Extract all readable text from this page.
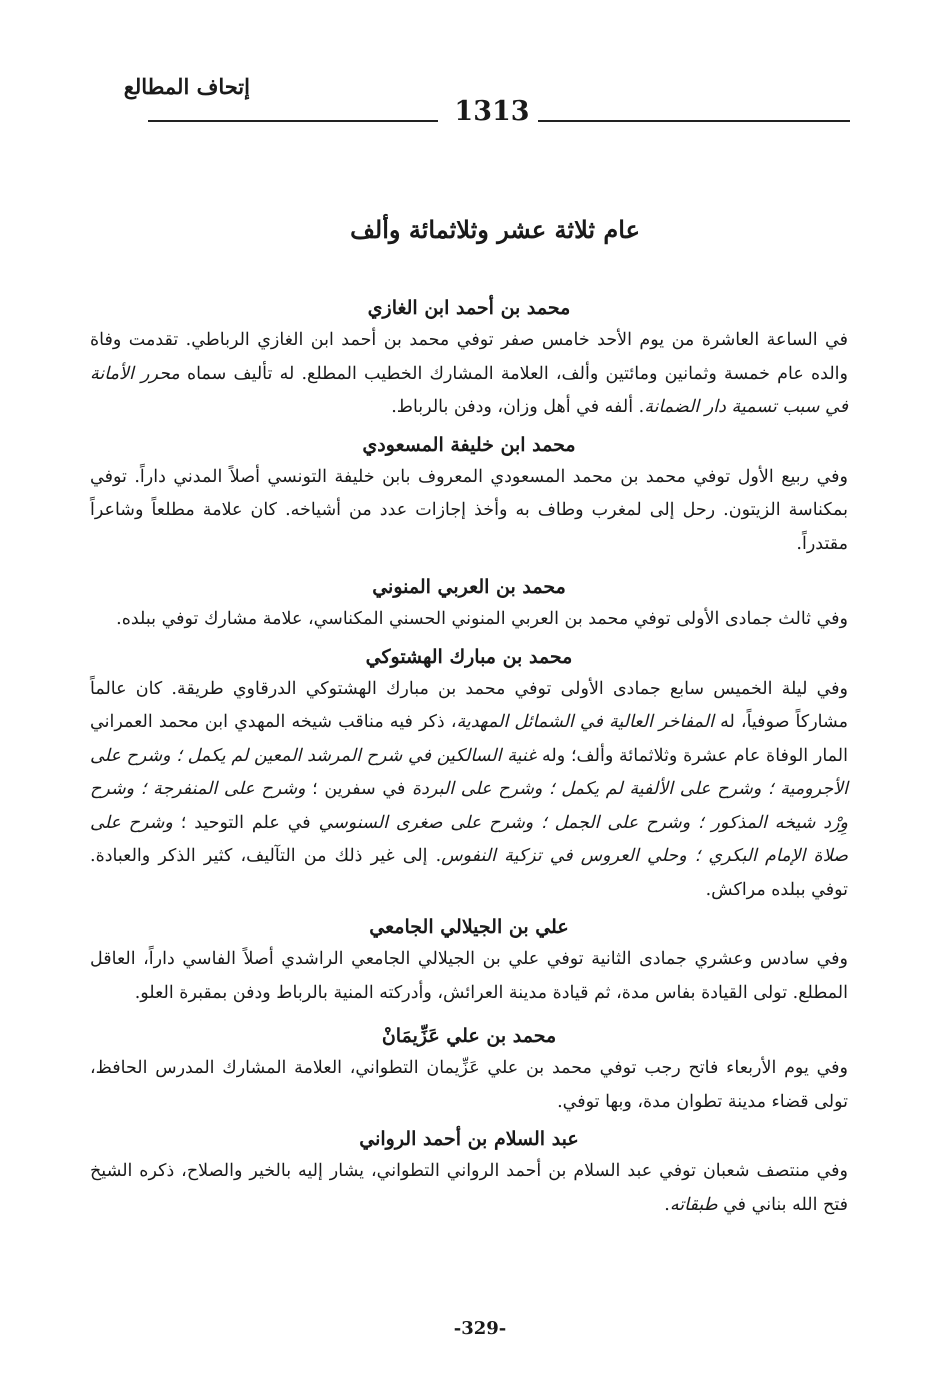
إتحاف المطالع
1313
عام ثلاثة عشر وثلاثمائة وألف
محمد بن أحمد ابن الغازي

في الساعة العاشرة من يوم الأحد خامس صفر توفي محمد بن أحمد ابن الغازي الرباطي. تقدمت وفاة والده عام خمسة وثمانين ومائتين وألف، العلامة المشارك الخطيب المطلع. له تأليف سماه محرر الأمانة في سبب تسمية دار الضمانة. ألفه في أهل وزان، ودفن بالرباط.

محمد ابن خليفة المسعودي

وفي ربيع الأول توفي محمد بن محمد المسعودي المعروف بابن خليفة التونسي أصلاً المدني داراً. توفي بمكناسة الزيتون. رحل إلى لمغرب وطاف به وأخذ إجازات عدد من أشياخه. كان علامة مطلعاً وشاعراً مقتدراً.

محمد بن العربي المنوني

وفي ثالث جمادى الأولى توفي محمد بن العربي المنوني الحسني المكناسي، علامة مشارك توفي ببلده.

محمد بن مبارك الهشتوكي

وفي ليلة الخميس سابع جمادى الأولى توفي محمد بن مبارك الهشتوكي الدرقاوي طريقة. كان عالماً مشاركاً صوفياً، له المفاخر العالية في الشمائل المهدية، ذكر فيه مناقب شيخه المهدي ابن محمد العمراني المار الوفاة عام عشرة وثلاثمائة وألف؛ وله غنية السالكين في شرح المرشد المعين لم يكمل ؛ وشرح على الأجرومية ؛ وشرح على الألفية لم يكمل ؛ وشرح على البردة في سفرين ؛ وشرح على المنفرجة ؛ وشرح وِرْد شيخه المذكور ؛ وشرح على الجمل ؛ وشرح على صغرى السنوسي في علم التوحيد ؛ وشرح على صلاة الإمام البكري ؛ وحلي العروس في تزكية النفوس. إلى غير ذلك من التآليف، كثير الذكر والعبادة. توفي ببلده مراكش.

علي بن الجيلالي الجامعي

وفي سادس وعشري جمادى الثانية توفي علي بن الجيلالي الجامعي الراشدي أصلاً الفاسي داراً، العاقل المطلع. تولى القيادة بفاس مدة، ثم قيادة مدينة العرائش، وأدركته المنية بالرباط ودفن بمقبرة العلو.

محمد بن علي عَزِّيمَانْ

وفي يوم الأربعاء فاتح رجب توفي محمد بن علي عَزِّيمان التطواني، العلامة المشارك المدرس الحافظ، تولى قضاء مدينة تطوان مدة، وبها توفي.

عبد السلام بن أحمد الرواني

وفي منتصف شعبان توفي عبد السلام بن أحمد الرواني التطواني، يشار إليه بالخير والصلاح، ذكره الشيخ فتح الله بناني في طبقاته.

-329-
